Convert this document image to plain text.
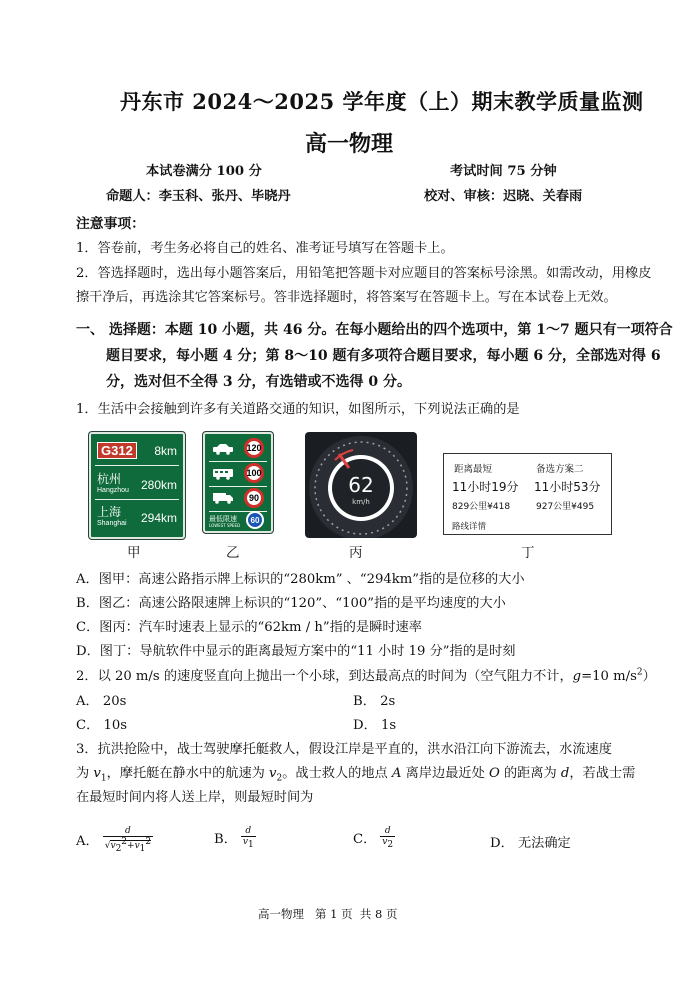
丹东市 2024～2025 学年度（上）期末教学质量监测
高一物理
本试卷满分 100 分	考试时间 75 分钟
命题人：李玉科、张丹、毕晓丹	校对、审核：迟晓、关春雨
注意事项：
1．答卷前，考生务必将自己的姓名、准考证号填写在答题卡上。
2．答选择题时，选出每小题答案后，用铅笔把答题卡对应题目的答案标号涂黑。如需改动，用橡皮
擦干净后，再选涂其它答案标号。答非选择题时，将答案写在答题卡上。写在本试卷上无效。
一、 选择题：本题 10 小题，共 46 分。在每小题给出的四个选项中，第 1～7 题只有一项符合
题目要求，每小题 4 分；第 8～10 题有多项符合题目要求，每小题 6 分，全部选对得 6
分，选对但不全得 3 分，有选错或不选得 0 分。
1．生活中会接触到许多有关道路交通的知识，如图所示，下列说法正确的是
G312	8km
杭州
Hangzhou	280km
上海
Shanghai	294km
120
100
90
最低限速
LOWEST SPEED
60
62
km/h
距离最短	备选方案二
11小时19分 11小时53分
829公里¥418	927公里¥495
路线详情
甲	乙	丙	丁
A．图甲：高速公路指示牌上标识的“280km” 、“294km”指的是位移的大小
B．图乙：高速公路限速牌上标识的“120”、“100”指的是平均速度的大小
C．图丙：汽车时速表上显示的“62km / h”指的是瞬时速率
D．图丁：导航软件中显示的距离最短方案中的“11 小时 19 分”指的是时刻
2．以 20 m/s 的速度竖直向上抛出一个小球，到达最高点的时间为（空气阻力不计，g=10 $m/s^2$）
A． 20s	B． 2s
C． 10s	D． 1s
3．抗洪抢险中，战士驾驶摩托艇救人，假设江岸是平直的，洪水沿江向下游流去，水流速度
为 $v_1$，摩托艇在静水中的航速为 $v_2$。战士救人的地点 A 离岸边最近处 O 的距离为 d，若战士需
在最短时间内将人送上岸，则最短时间为
A．
d
$√v_2^2+v_1^2$	B．
d
$v_1$	C．
d
$v_2$	D． 无法确定
高一物理   第 1 页  共 8 页
